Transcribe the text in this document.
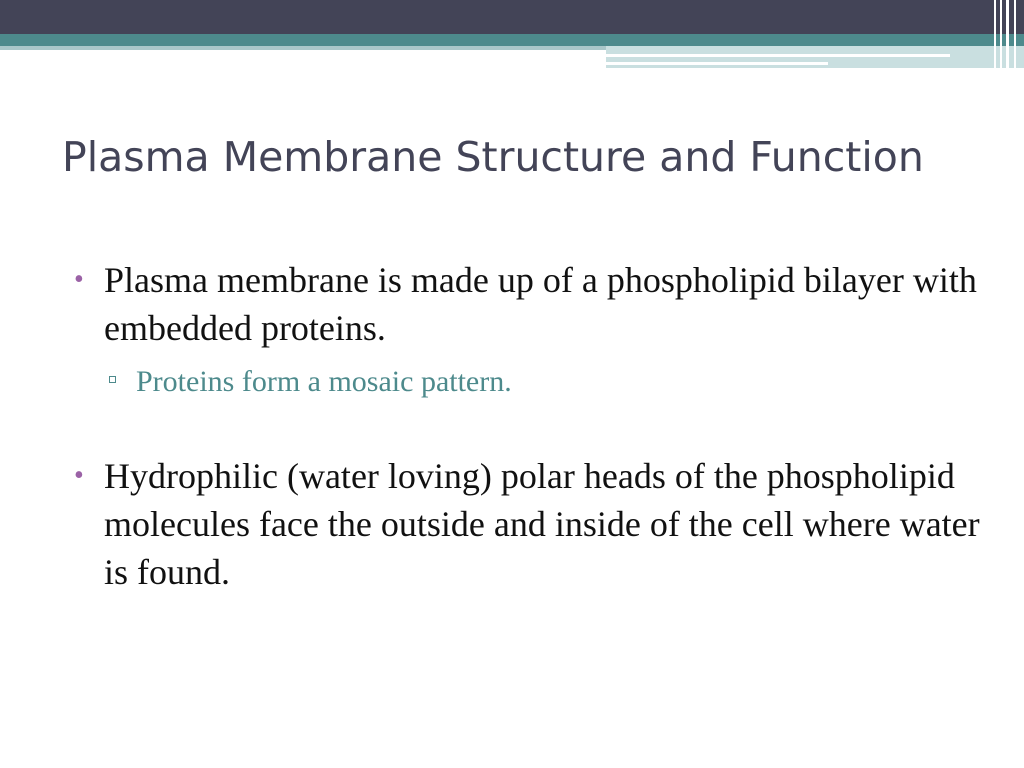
Plasma Membrane Structure and Function
• Plasma membrane is made up of a phospholipid bilayer with embedded proteins.
Proteins form a mosaic pattern.
• Hydrophilic (water loving) polar heads of the phospholipid molecules face the outside and inside of the cell where water is found.
